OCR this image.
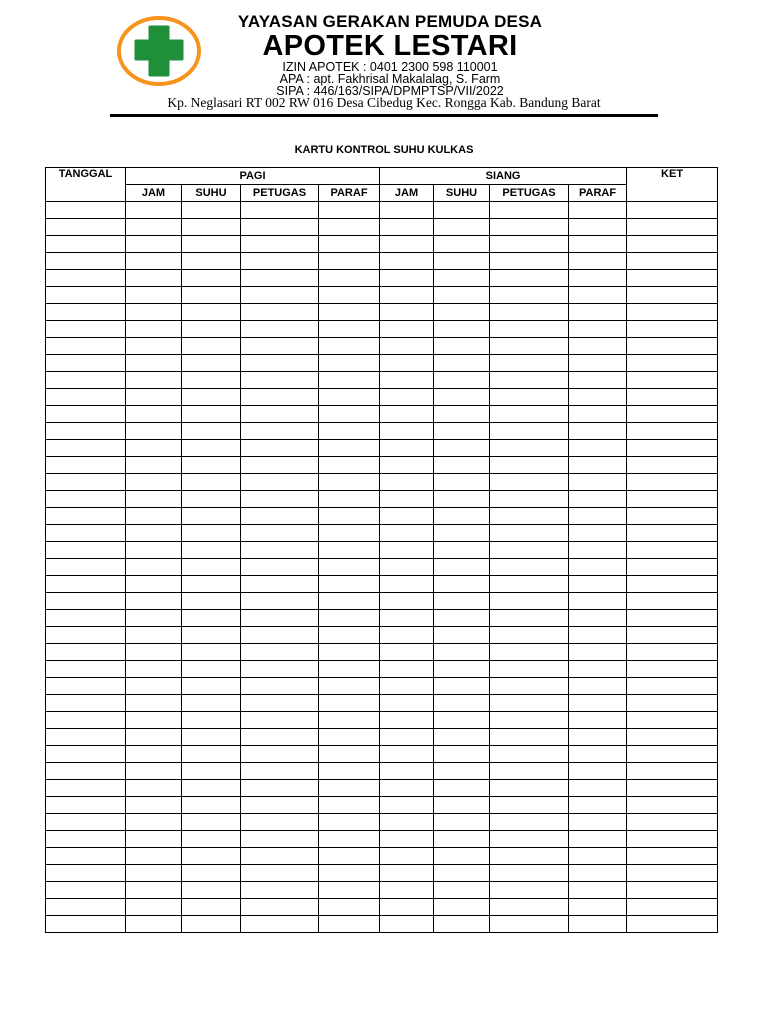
YAYASAN GERAKAN PEMUDA DESA
APOTEK LESTARI
IZIN APOTEK : 0401 2300 598 110001
APA : apt. Fakhrisal Makalalag, S. Farm
SIPA : 446/163/SIPA/DPMPTSP/VII/2022
Kp. Neglasari RT 002 RW 016 Desa Cibedug Kec. Rongga Kab. Bandung Barat
KARTU KONTROL SUHU KULKAS
TANGGAL	PAGI				SIANG				KET
	JAM	SUHU	PETUGAS	PARAF	JAM	SUHU	PETUGAS	PARAF	
